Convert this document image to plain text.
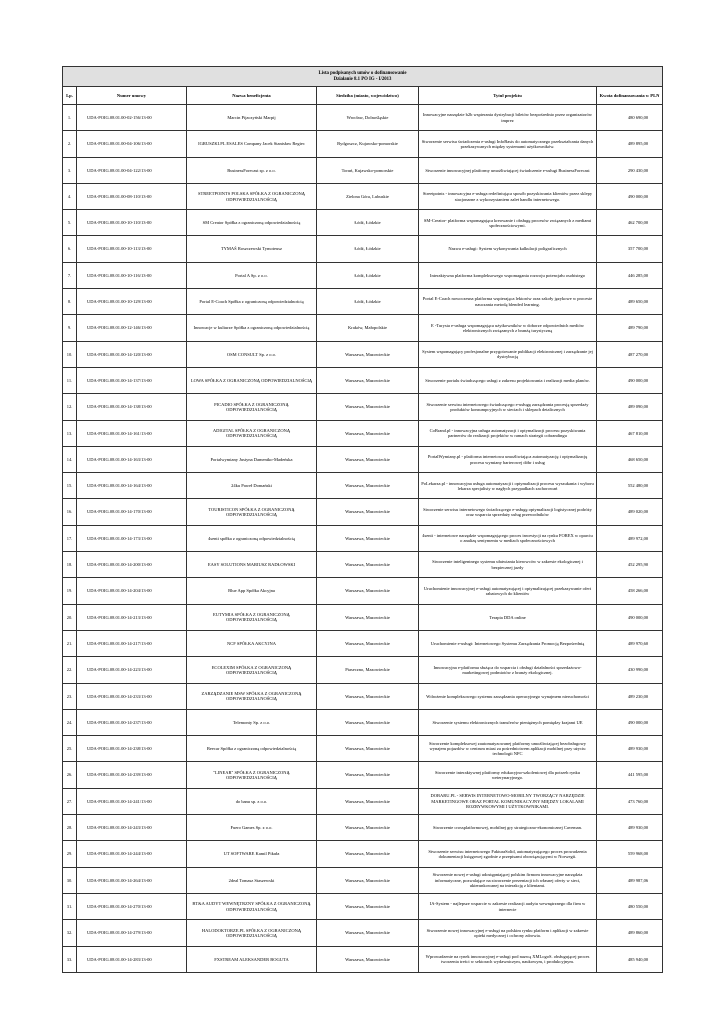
Lista podpisanych umów o dofinansowanie
Działanie 8.1 PO IG - I/2013					

Lp.	Numer umowy	Nazwa beneficjenta	Siedziba (miasto, województwo)	Tytuł projektu	Kwota dofinansowania w PLN
1.	UDA-POIG.08.01.00-02-156/13-00	Marcin Pijaczyński Marpij	Wrocław, Dolnośląskie	Innowacyjne narzędzie b2b wspierania dystrybucji biletów bezpośrednio przez organizatorów imprez	480 690,00
2.	UDA-POIG.08.01.00-04-106/13-00	IGRUSZKI.PL ESALES Company Jacek Stanisław Regiec	Bydgoszcz, Kujawsko-pomorskie	Stworzenie serwisu świadczenia e-usługi InfoBasis do automatycznego przekształcania danych przekazywanych między systemami użytkowników.	489 895,00
3.	UDA-POIG.08.01.00-04-122/13-00	BusinessForecast sp. z o.o.	Toruń, Kujawsko-pomorskie	Stworzenie innowacyjnej platformy umożliwiającej świadczenie e-usługi BusinessForecast	290 430,00
4.	UDA-POIG.08.01.00-08-110/13-00	STREETPOINTS POLSKA SPÓŁKA Z OGRANICZONĄ ODPOWIEDZIALNOŚCIĄ	Zielona Góra, Lubuskie	Streetpoints - innowacyjna e-usługa redefiniująca sposób pozyskiwania klientów przez sklepy stacjonarne z wykorzystaniem zaleŧ handlu internetowego.	490 000,00
5.	UDA-POIG.08.01.00-10-110/13-00	SM Creator Spółka z ograniczoną odpowiedzialnością	Łódź, Łódzkie	SM-Creator- platforma wspomagająca kreowanie i obsługę procesów związanych z mediami społecznościowymi.	462 700,00
6.	UDA-POIG.08.01.00-10-113/13-00	TYMAŚ Roszczewski Tymoteusz	Łódź, Łódzkie	Nazwa e-usługi: System wykonywania kalkulacji poligraficznych	357 700,00
7.	UDA-POIG.08.01.00-10-116/13-00	Portal A Sp. z o.o.	Łódź, Łódzkie	Interaktywna platforma kompleksowego wspomagania rozwoju potencjału osobistego	446 285,00
8.	UDA-POIG.08.01.00-10-129/13-00	Portal E-Coach Spółka z ograniczoną odpowiedzialnością	Łódź, Łódzkie	Portal E-Coach nowoczesna platforma wspierająca lektorów oraz szkoły językowe w procesie nauczania metodą blended learning.	489 650,00
9.	UDA-POIG.08.01.00-12-146/13-00	Innowacje w kulturze Spółka z ograniczoną odpowiedzialnością	Kraków, Małopolskie	E -Turysta e-usługa wspomagająca użytkowników w doborze odpowiednich mediów elektronicznych związanych z branżą turystyczną	489 790,00
10.	UDA-POIG.08.01.00-14-120/13-00	OSM CONSULT Sp. z o.o.	Warszawa, Mazowieckie	System wspomagający profesjonalne przygotowanie publikacji elektronicznej i zarządzanie jej dystrybucją	487 270,00
11.	UDA-POIG.08.01.00-14-137/13-00	LOWA SPÓŁKA Z OGRANICZONĄ ODPOWIEDZIALNOŚCIĄ	Warszawa, Mazowieckie	Stworzenie portalu świadczącego usługi z zakresu projektowania i realizacji media planów.	490 000,00
12.	UDA-POIG.08.01.00-14-138/13-00	PICADIO SPÓŁKA Z OGRANICZONĄ ODPOWIEDZIALNOŚCIĄ	Warszawa, Mazowieckie	Stworzenie serwisu internetowego świadczącego e-usługę zarządzania procesją sprzedaży produktów konsumpcyjnych w sieciach i sklepach detalicznych	489 090,00
13.	UDA-POIG.08.01.00-14-161/13-00	ADIGITAL SPÓŁKA Z OGRANICZONĄ ODPOWIEDZIALNOŚCIĄ	Warszawa, Mazowieckie	CoBrand.pl - innowacyjna usługa automatyzacji i optymalizacji procesu pozyskiwania partnerów do realizacji projektów w ramach strategii cobrandingu	467 810,00
14.	UDA-POIG.08.01.00-14-163/13-00	Portalwymiany Justyna Damentko-Madeńska	Warszawa, Mazowieckie	PortalWymiany.pl - platforma internetowa umożliwiająca automatyzację i optymalizację procesu wymiany barterowej dóbr i usług	468 650,00
15.	UDA-POIG.08.01.00-14-164/13-00	24ku Paweł Domański	Warszawa, Mazowieckie	PoLekarza.pl - innowacyjna usługa automatyzacji i optymalizacji procesu wyszukania i wyboru lekarza specjalisty w nagłych przypadkach zachorowań	552 480,00
16.	UDA-POIG.08.01.00-14-170/13-00	TOURISTICON SPÓŁKA Z OGRANICZONĄ ODPOWIEDZIALNOŚCIĄ	Warszawa, Mazowieckie	Stworzenie serwisu internetowego świadczącego e-usługę optymalizacji logistycznej podróży oraz wsparcia sprzedaży usług przewodników	489 020,00
17.	UDA-POIG.08.01.00-14-173/13-00	4senti spółka z ograniczoną odpowiedzialnością	Warszawa, Mazowieckie	4senti - internetowe narzędzie wspomagającego proces inwestycji na rynku FOREX w oparciu o analizę sentymentu w mediach społecznościowych	489 972,00
18.	UDA-POIG.08.01.00-14-200/13-00	EASY SOLUTIONS MARIUSZ RADŁOWSKI	Warszawa, Mazowieckie	Stworzenie inteligentnego systemu ułatwiania kierowców w zakresie ekologicznej i bezpiecznej jazdy	452 295,90
19.	UDA-POIG.08.01.00-14-204/13-00	Blue App Spółka Akcyjna	Warszawa, Mazowieckie	Uruchomienie innowacyjnej e-usługi automatyzującej i optymalizującej przekazywanie ofert rabatowych do klientów	458 266,00
20.	UDA-POIG.08.01.00-14-213/13-00	EUTYMIA SPÓŁKA Z OGRANICZONĄ ODPOWIEDZIALNOŚCIĄ	Warszawa, Mazowieckie	Terapia DDA online	490 000,00
21.	UDA-POIG.08.01.00-14-217/13-00	NCF SPÓŁKA AKCYJNA	Warszawa, Mazowieckie	Uruchomienie e-usługi: Internetowego Systemu Zarządzania Promocją Bezpośrednią	489 970,60
22.	UDA-POIG.08.01.00-14-223/13-00	ECOLEXIM SPÓŁKA Z OGRANICZONĄ ODPOWIEDZIALNOŚCIĄ	Piaseczno, Mazowieckie	Innowacyjna e-platforma służąca do wsparcia i obsługi działalności sprzedażowo-marketingowej podmiotów z branży ekologicznej.	430 990,00
23.	UDA-POIG.08.01.00-14-233/13-00	ZARZĄDZANIE MSW SPÓŁKA Z OGRANICZONĄ ODPOWIEDZIALNOŚCIĄ	Warszawa, Mazowieckie	Wdrożenie kompleksowego systemu zarządzania operacyjnego wynajmem nieruchomości	489 230,00
24.	UDA-POIG.08.01.00-14-237/13-00	Telemonty Sp. z o.o.	Warszawa, Mazowieckie	Stworzenie systemu elektronicznych transferów pieniężnych pomiędzy krajami UE	490 000,00
25.	UDA-POIG.08.01.00-14-238/13-00	Beecar Spółka z ograniczoną odpowiedzialnością	Warszawa, Mazowieckie	Stworzenie kompleksowej zautomatyzowanej platformy umożliwiającej bezobsługowy wynajem pojazdów w centrum miast za pośrednictwem aplikacji mobilnej przy użyciu technologii NFC	489 930,00
26.	UDA-POIG.08.01.00-14-239/13-00	"LINEAR" SPÓŁKA Z OGRANICZONĄ ODPOWIEDZIALNOŚCIĄ	Warszawa, Mazowieckie	Stworzenie interaktywnej platformy edukacyjno-szkoleniowej dla potrzeb rynku weterynaryjnego.	441 595,00
27.	UDA-POIG.08.01.00-14-241/13-00	do banu sp. z o.o.	Warszawa, Mazowieckie	DOBARU.PL - SERWIS INTERNETOWO-MOBILNY TWORZĄCY NARZĘDZIE MARKETINGOWE ORAZ PORTAL KOMUNIKACYJNY MIĘDZY LOKALAMI ROZRYWKOWYMI I UŻYTKOWNIKAMI.	473 760,00
28.	UDA-POIG.08.01.00-14-243/13-00	Fuero Games Sp. z o.o.	Warszawa, Mazowieckie	Stworzenie crossplatformowej, mobilnej gry strategiczno-ekonomicznej Caveman.	489 930,00
29.	UDA-POIG.08.01.00-14-244/13-00	UT SOFTWARE Kamil Pikuła	Warszawa, Mazowieckie	Stworzenie serwisu internetowego FakturaSolid, automatyzującego proces prowadzenia dokumentacji księgowej zgodnie z przepisami obowiązującymi w Norwegii.	559 968,00
30.	UDA-POIG.08.01.00-14-264/13-00	2deal Tomasz Staszewski	Warszawa, Mazowieckie	Stworzenie nowej e-usługi udostępniającej polskim firmom innowacyjne narzędzia informatyczne, pozwalające na stworzenie prezentacji ich własnej oferty w sieci, ukierunkowanej na interakcję z klientami.	489 987,06
31.	UDA-POIG.08.01.00-14-270/13-00	BT&A AUDYT WEWNĘTRZNY SPÓŁKA Z OGRANICZONĄ ODPOWIEDZIALNOŚCIĄ	Warszawa, Mazowieckie	IA-System - najlepsze wsparcie w zakresie realizacji audytu wewnętrznego dla firm w internecie	480 550,00
32.	UDA-POIG.08.01.00-14-279/13-00	HALODOKTORZE.PL SPÓŁKA Z OGRANICZONĄ ODPOWIEDZIALNOŚCIĄ	Warszawa, Mazowieckie	Stworzenie nowej innowacyjnej e-usługi na polskim rynku platform i aplikacji w zakresie opieki medycznej i ochrony zdrowia.	489 860,00
33.	UDA-POIG.08.01.00-14-283/13-00	FXSTREAM ALEKSANDER BOGUTA	Warszawa, Mazowieckie	Wprowadzenie na rynek innowacyjnej e-usługi pod nazwą XMLogoS. obsługującej proces tworzenia treści w sektorach wydawniczym, naukowym, i produkcyjnym.	485 940,00
